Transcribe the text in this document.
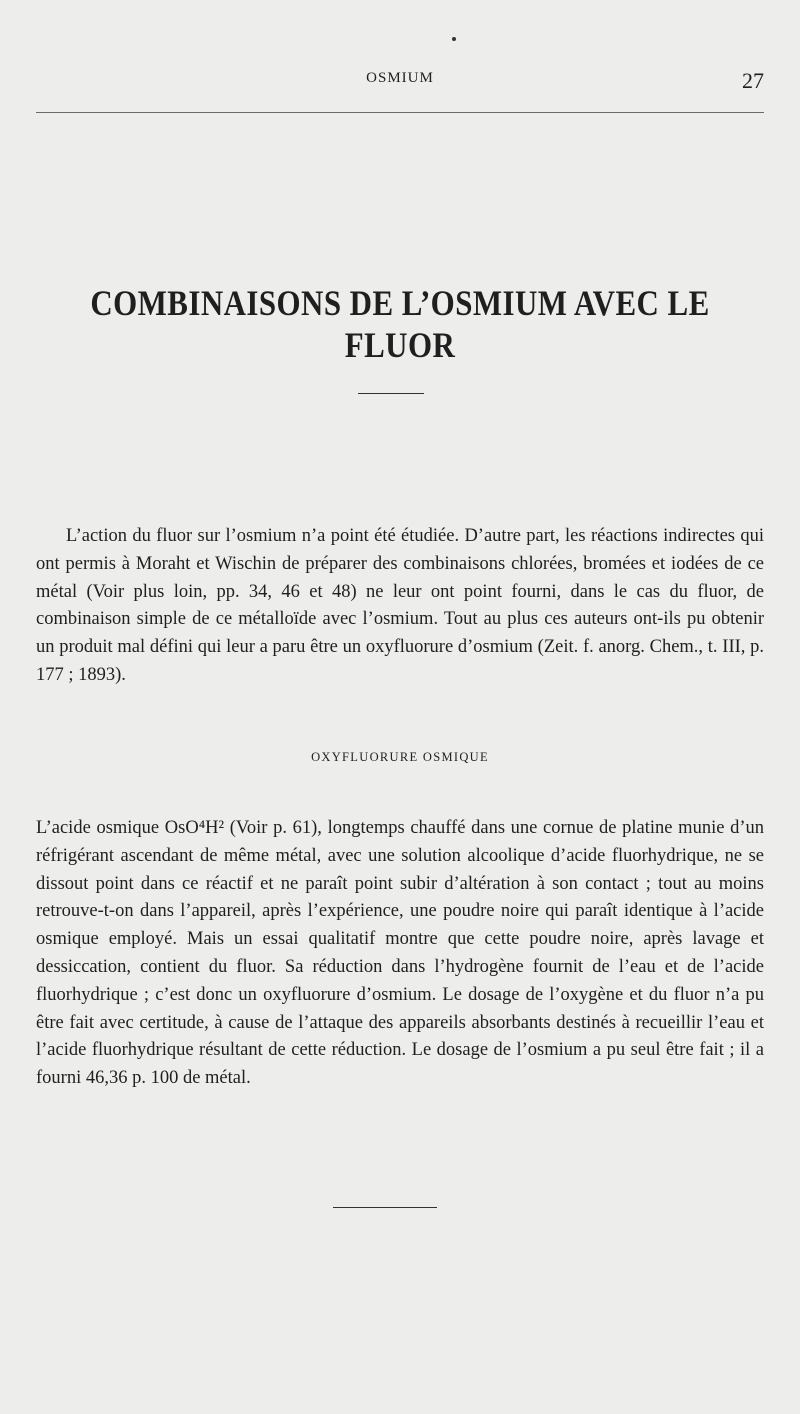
OSMIUM	27
COMBINAISONS DE L’OSMIUM AVEC LE FLUOR

L’action du fluor sur l’osmium n’a point été étudiée. D’autre part, les réactions indirectes qui ont permis à Moraht et Wischin de préparer des combinaisons chlorées, bromées et iodées de ce métal (Voir plus loin, pp. 34, 46 et 48) ne leur ont point fourni, dans le cas du fluor, de combinaison simple de ce métalloïde avec l’osmium. Tout au plus ces auteurs ont-ils pu obtenir un produit mal défini qui leur a paru être un oxyfluorure d’osmium (Zeit. f. anorg. Chem., t. III, p. 177 ; 1893).

OXYFLUORURE OSMIQUE

L’acide osmique OsO⁴H² (Voir p. 61), longtemps chauffé dans une cornue de platine munie d’un réfrigérant ascendant de même métal, avec une solution alcoolique d’acide fluorhydrique, ne se dissout point dans ce réactif et ne paraît point subir d’altération à son contact ; tout au moins retrouve-t-on dans l’appareil, après l’expérience, une poudre noire qui paraît identique à l’acide osmique employé. Mais un essai qualitatif montre que cette poudre noire, après lavage et dessiccation, contient du fluor. Sa réduction dans l’hydrogène fournit de l’eau et de l’acide fluorhydrique ; c’est donc un oxyfluorure d’osmium. Le dosage de l’oxygène et du fluor n’a pu être fait avec certitude, à cause de l’attaque des appareils absorbants destinés à recueillir l’eau et l’acide fluorhydrique résultant de cette réduction. Le dosage de l’osmium a pu seul être fait ; il a fourni 46,36 p. 100 de métal.
